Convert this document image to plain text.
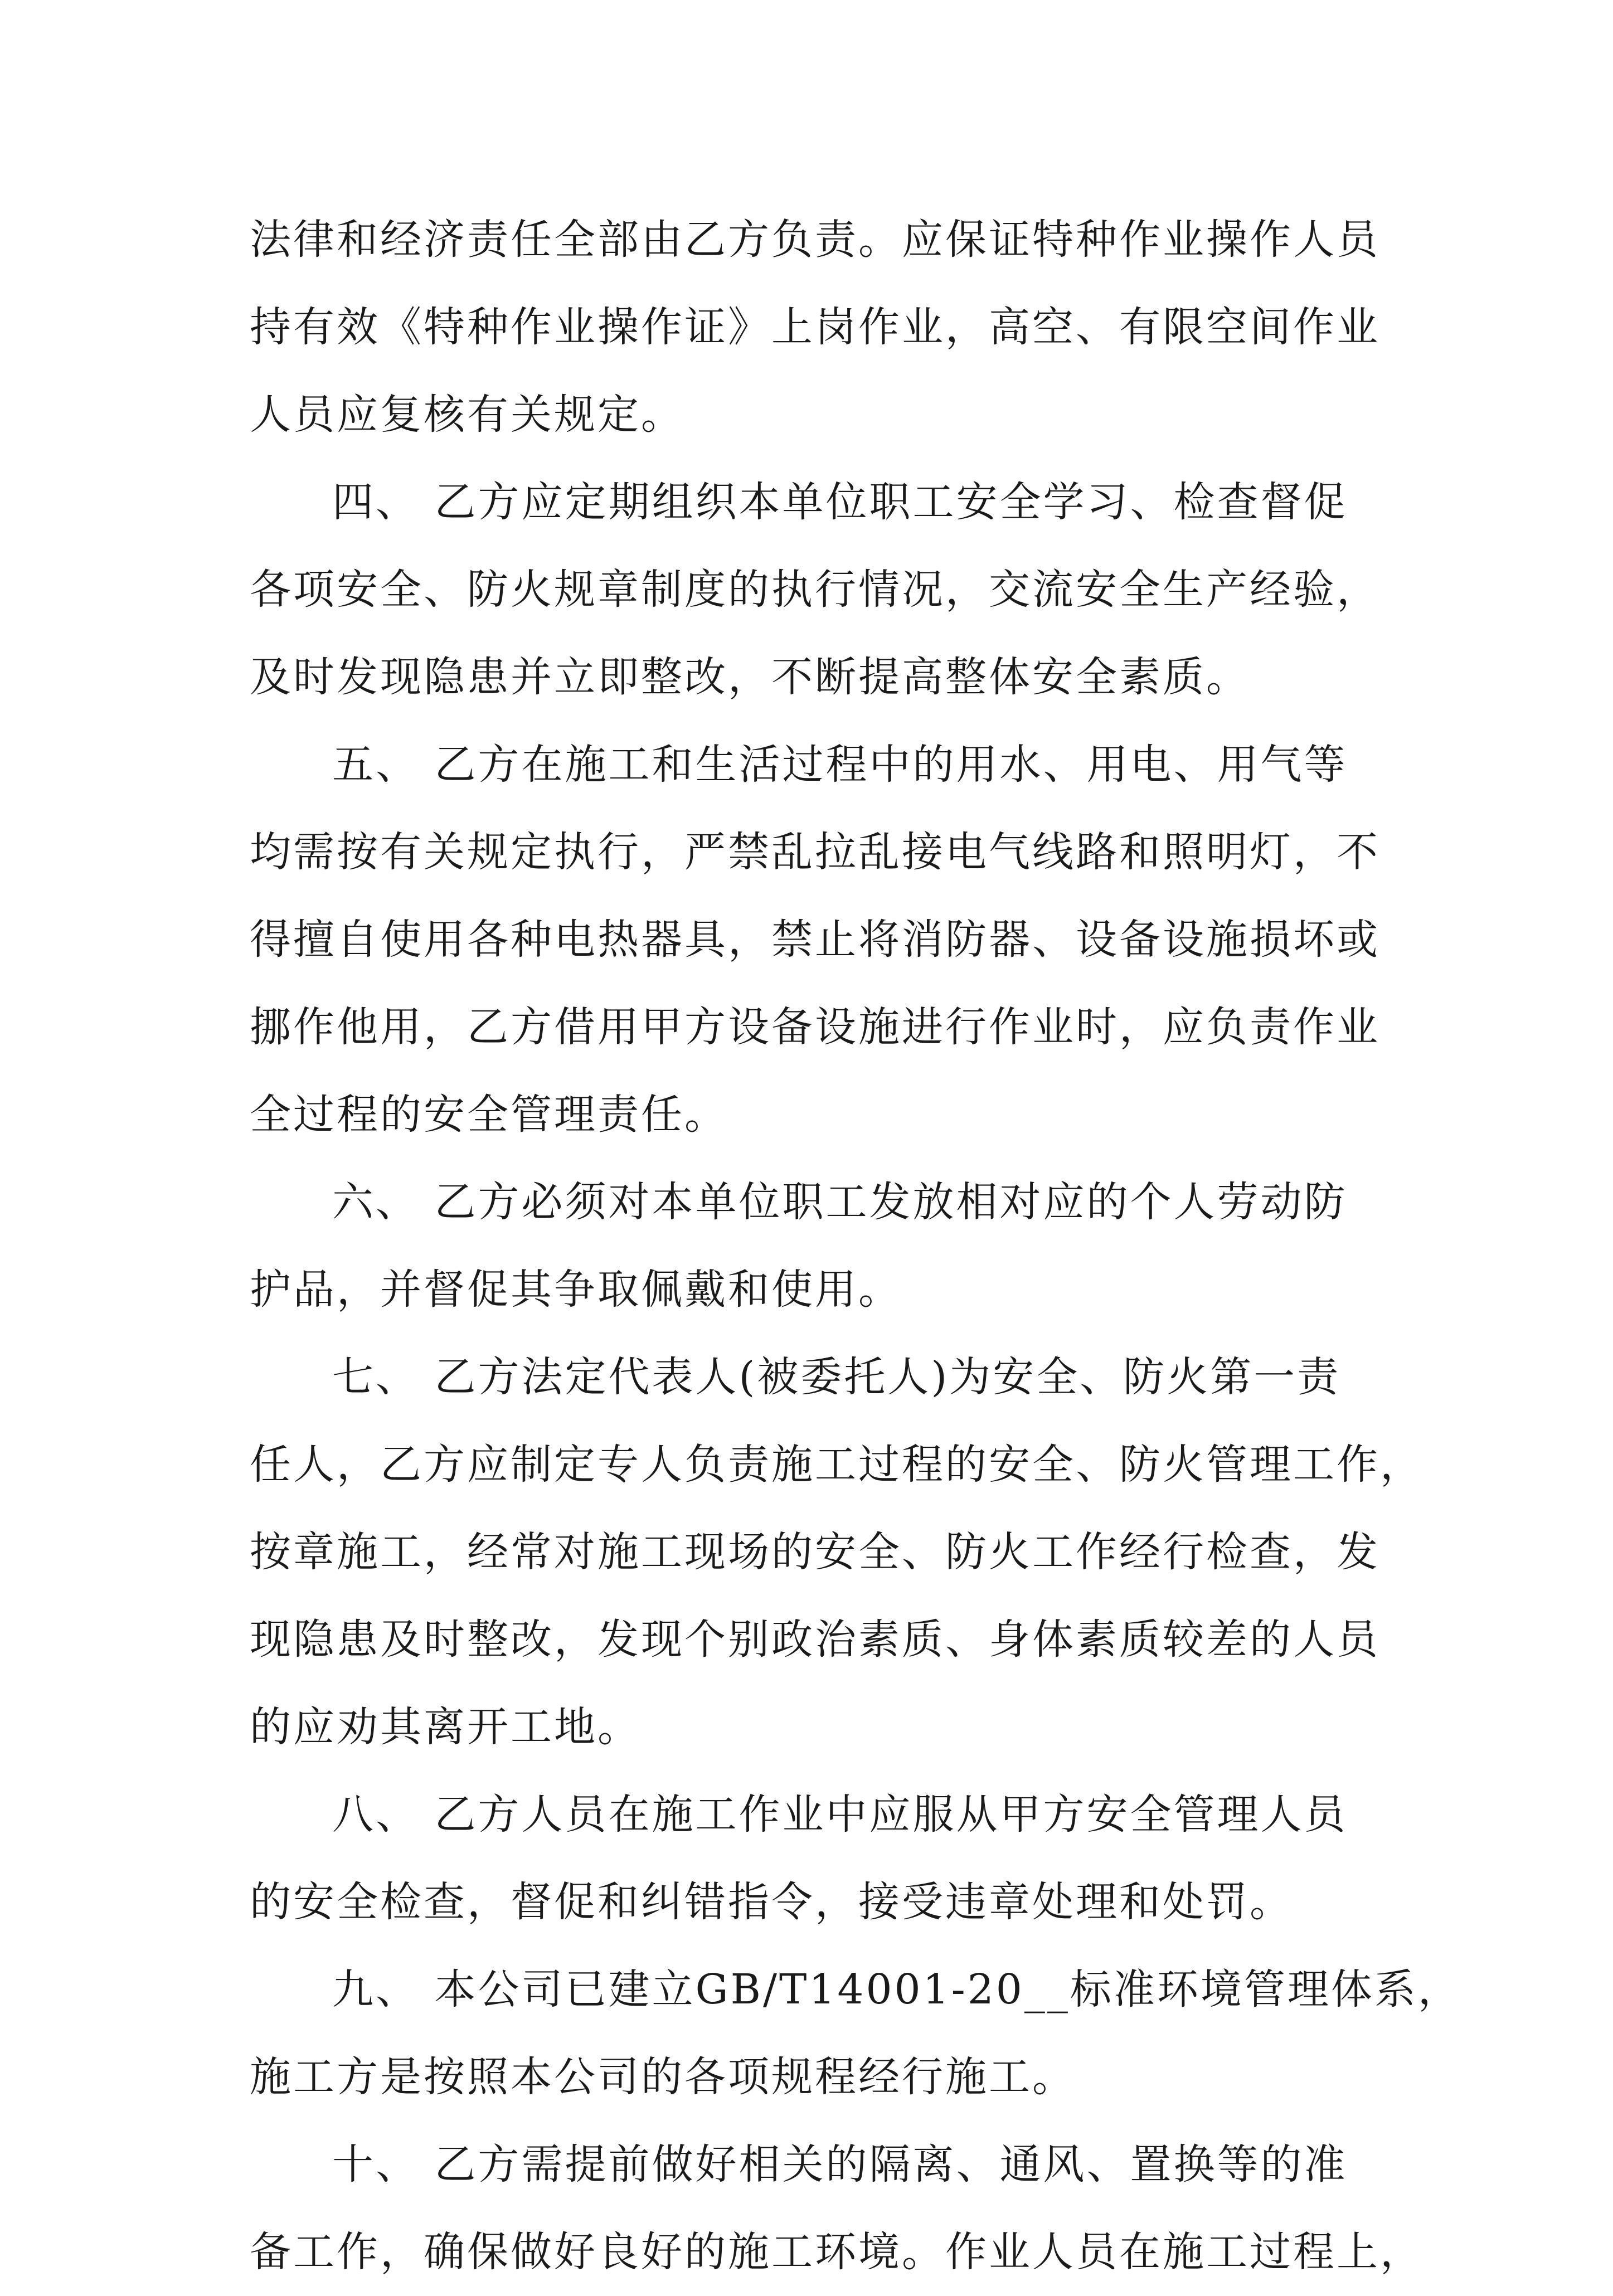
法律和经济责任全部由乙方负责。应保证特种作业操作人员
持有效《特种作业操作证》上岗作业，高空、有限空间作业
人员应复核有关规定。
四、 乙方应定期组织本单位职工安全学习、检查督促
各项安全、防火规章制度的执行情况，交流安全生产经验，
及时发现隐患并立即整改，不断提高整体安全素质。
五、 乙方在施工和生活过程中的用水、用电、用气等
均需按有关规定执行，严禁乱拉乱接电气线路和照明灯，不
得擅自使用各种电热器具，禁止将消防器、设备设施损坏或
挪作他用，乙方借用甲方设备设施进行作业时，应负责作业
全过程的安全管理责任。
六、 乙方必须对本单位职工发放相对应的个人劳动防
护品，并督促其争取佩戴和使用。
七、 乙方法定代表人(被委托人)为安全、防火第一责
任人，乙方应制定专人负责施工过程的安全、防火管理工作，
按章施工，经常对施工现场的安全、防火工作经行检查，发
现隐患及时整改，发现个别政治素质、身体素质较差的人员
的应劝其离开工地。
八、 乙方人员在施工作业中应服从甲方安全管理人员
的安全检查，督促和纠错指令，接受违章处理和处罚。
九、 本公司已建立GB/T14001-20__标准环境管理体系，
施工方是按照本公司的各项规程经行施工。
十、 乙方需提前做好相关的隔离、通风、置换等的准
备工作，确保做好良好的施工环境。作业人员在施工过程上，
